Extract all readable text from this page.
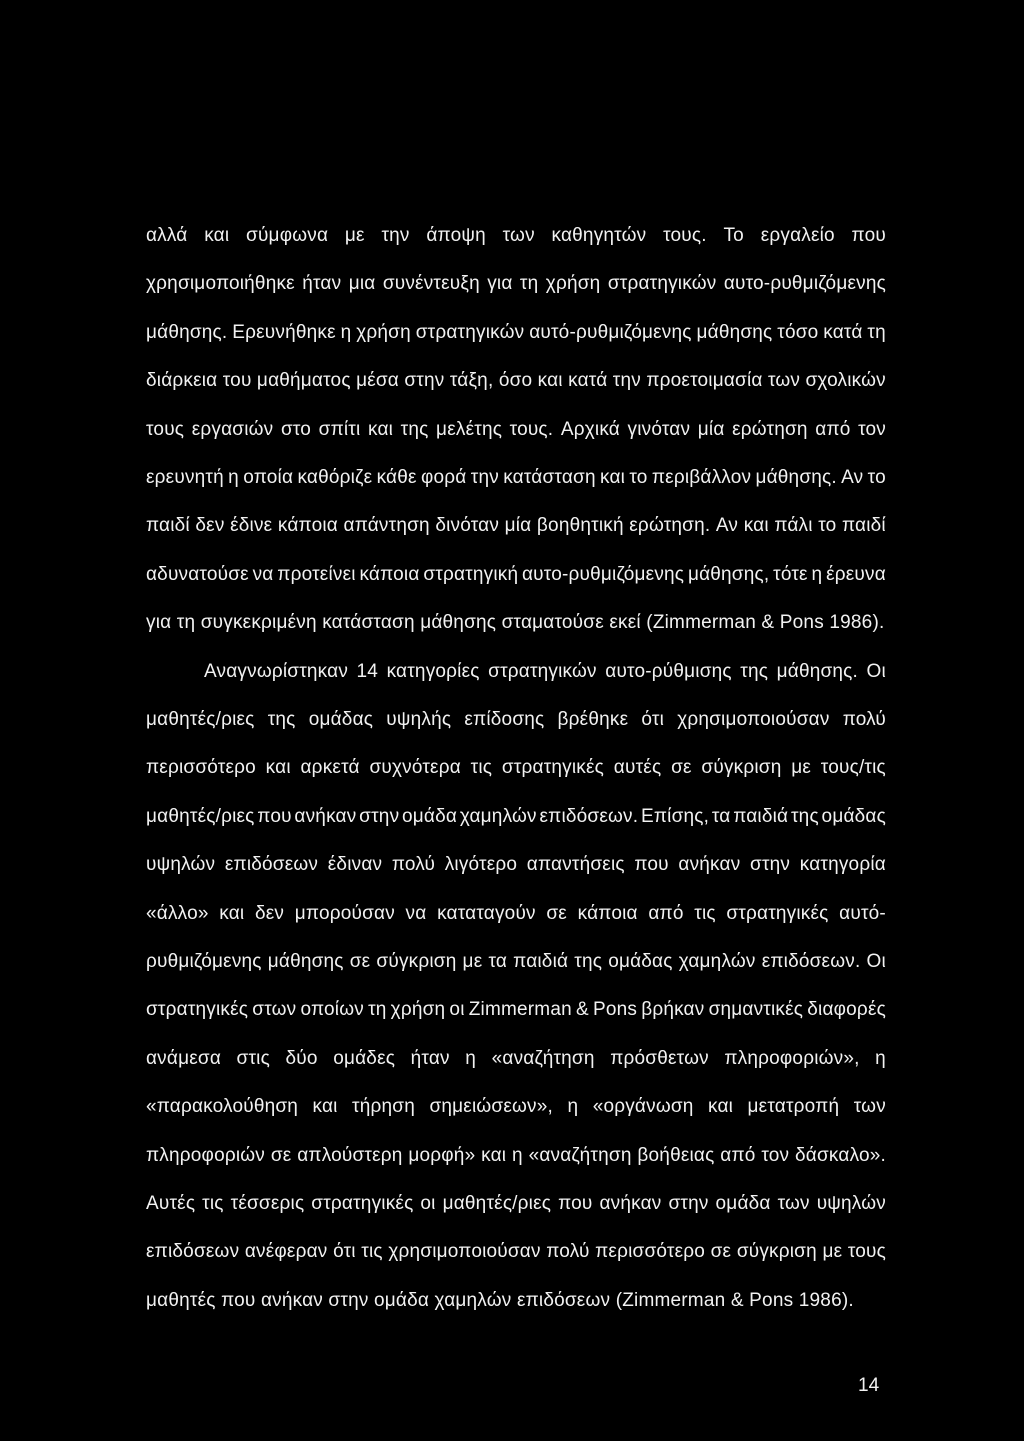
αλλά και σύμφωνα με την άποψη των καθηγητών τους. Το εργαλείο που
χρησιμοποιήθηκε ήταν μια συνέντευξη για τη χρήση στρατηγικών αυτο-ρυθμιζόμενης
μάθησης. Ερευνήθηκε η χρήση στρατηγικών αυτό-ρυθμιζόμενης μάθησης τόσο κατά τη
διάρκεια του μαθήματος μέσα στην τάξη, όσο και κατά την προετοιμασία των σχολικών
τους εργασιών στο σπίτι και της μελέτης τους. Αρχικά γινόταν μία ερώτηση από τον
ερευνητή η οποία καθόριζε κάθε φορά την κατάσταση και το περιβάλλον μάθησης. Αν το
παιδί δεν έδινε κάποια απάντηση δινόταν μία βοηθητική ερώτηση. Αν και πάλι το παιδί
αδυνατούσε να προτείνει κάποια στρατηγική αυτο-ρυθμιζόμενης μάθησης, τότε η έρευνα
για τη συγκεκριμένη κατάσταση μάθησης σταματούσε εκεί (Zimmerman & Pons 1986).
Αναγνωρίστηκαν 14 κατηγορίες στρατηγικών αυτο-ρύθμισης της μάθησης. Οι
μαθητές/ριες της ομάδας υψηλής επίδοσης βρέθηκε ότι χρησιμοποιούσαν πολύ
περισσότερο και αρκετά συχνότερα τις στρατηγικές αυτές σε σύγκριση με τους/τις
μαθητές/ριες που ανήκαν στην ομάδα χαμηλών επιδόσεων. Επίσης, τα παιδιά της ομάδας
υψηλών επιδόσεων έδιναν πολύ λιγότερο απαντήσεις που ανήκαν στην κατηγορία
«άλλο» και δεν μπορούσαν να καταταγούν σε κάποια από τις στρατηγικές αυτό-
ρυθμιζόμενης μάθησης σε σύγκριση με τα παιδιά της ομάδας χαμηλών επιδόσεων. Οι
στρατηγικές στων οποίων τη χρήση οι Zimmerman & Pons βρήκαν σημαντικές διαφορές
ανάμεσα στις δύο ομάδες ήταν η «αναζήτηση πρόσθετων πληροφοριών», η
«παρακολούθηση και τήρηση σημειώσεων», η «οργάνωση και μετατροπή των
πληροφοριών σε απλούστερη μορφή» και η «αναζήτηση βοήθειας από τον δάσκαλο».
Αυτές τις τέσσερις στρατηγικές οι μαθητές/ριες που ανήκαν στην ομάδα των υψηλών
επιδόσεων ανέφεραν ότι τις χρησιμοποιούσαν πολύ περισσότερο σε σύγκριση με τους
μαθητές που ανήκαν στην ομάδα χαμηλών επιδόσεων (Zimmerman & Pons 1986).
14
